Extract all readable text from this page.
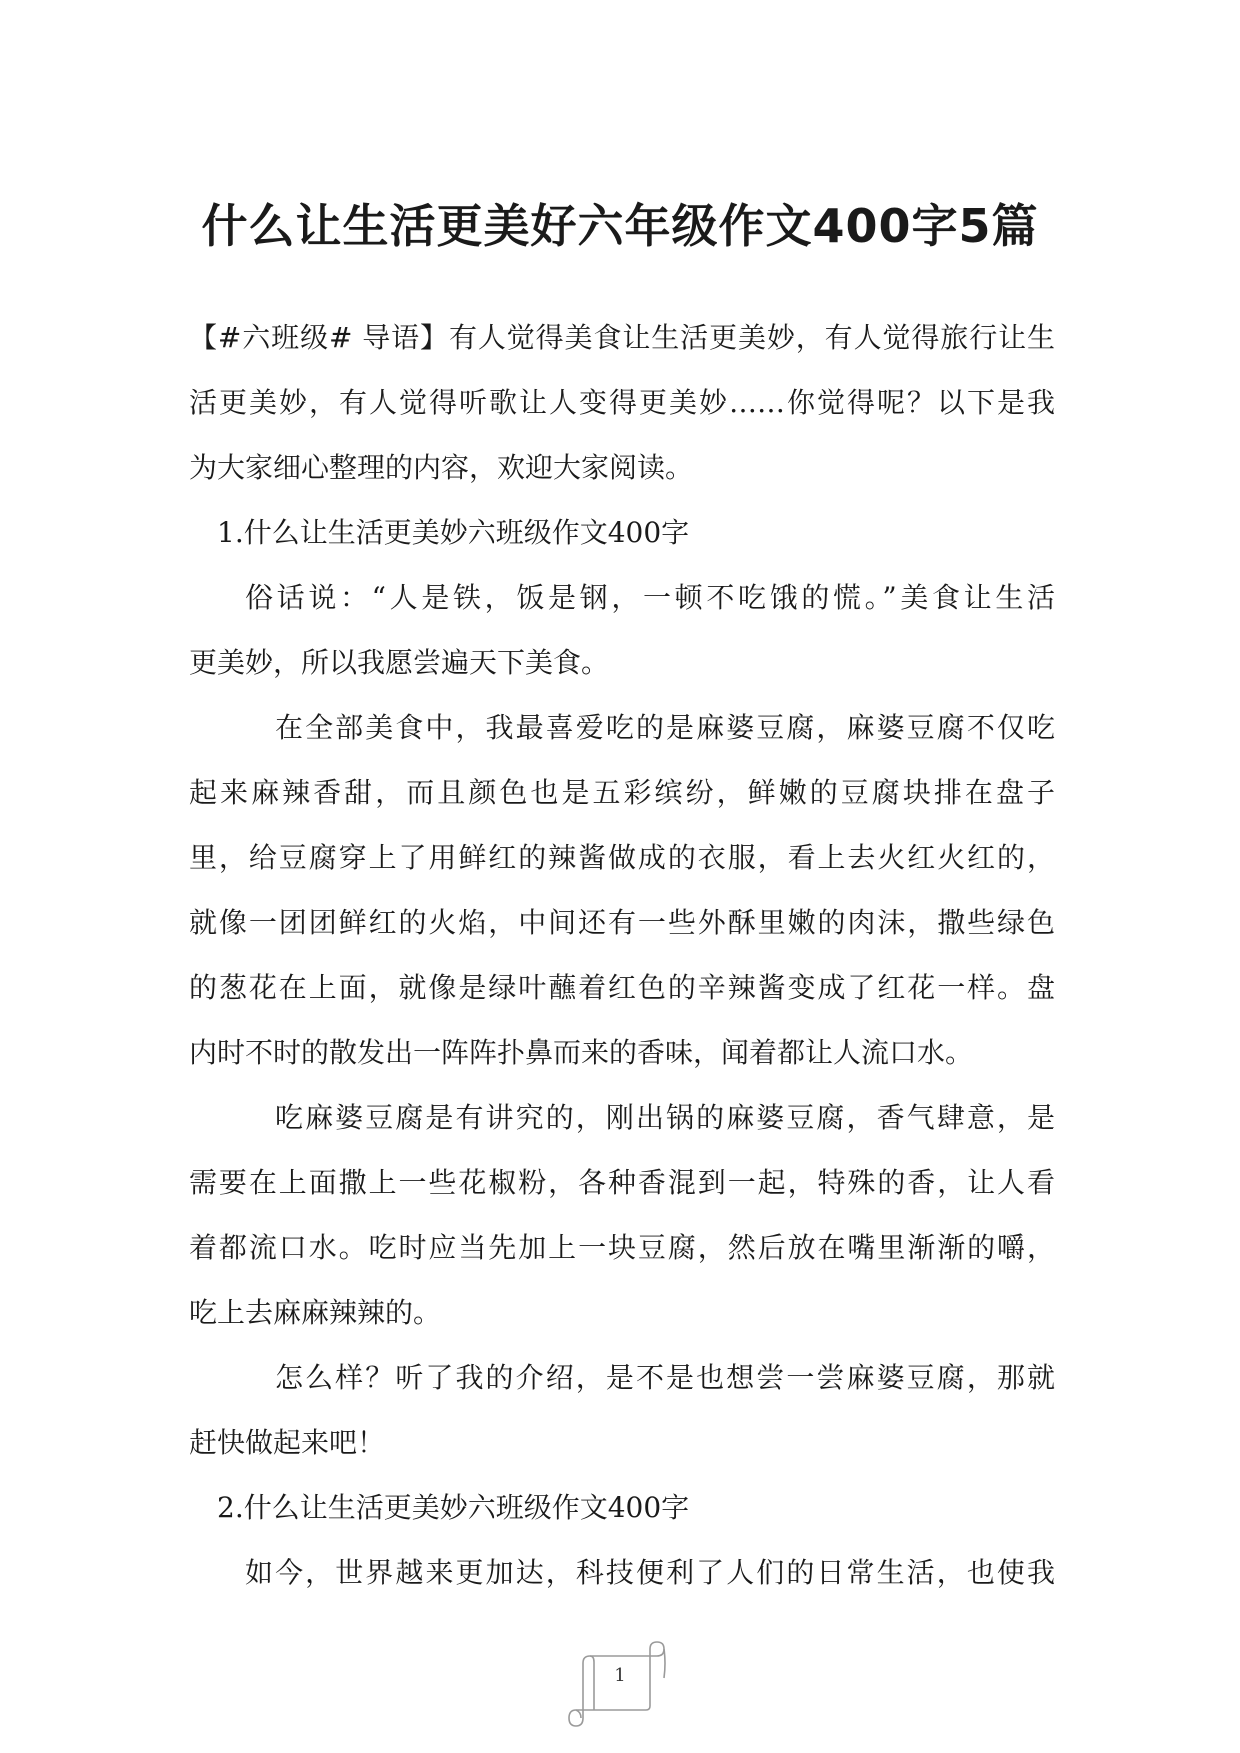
什么让生活更美好六年级作文400字5篇
【#六班级# 导语】有人觉得美食让生活更美妙，有人觉得旅行让生
活更美妙，有人觉得听歌让人变得更美妙……你觉得呢？以下是我
为大家细心整理的内容，欢迎大家阅读。
1.什么让生活更美妙六班级作文400字
俗话说：“人是铁，饭是钢，一顿不吃饿的慌。”美食让生活
更美妙，所以我愿尝遍天下美食。
在全部美食中，我最喜爱吃的是麻婆豆腐，麻婆豆腐不仅吃
起来麻辣香甜，而且颜色也是五彩缤纷，鲜嫩的豆腐块排在盘子
里，给豆腐穿上了用鲜红的辣酱做成的衣服，看上去火红火红的，
就像一团团鲜红的火焰，中间还有一些外酥里嫩的肉沫，撒些绿色
的葱花在上面，就像是绿叶蘸着红色的辛辣酱变成了红花一样。盘
内时不时的散发出一阵阵扑鼻而来的香味，闻着都让人流口水。
吃麻婆豆腐是有讲究的，刚出锅的麻婆豆腐，香气肆意，是
需要在上面撒上一些花椒粉，各种香混到一起，特殊的香，让人看
着都流口水。吃时应当先加上一块豆腐，然后放在嘴里渐渐的嚼，
吃上去麻麻辣辣的。
怎么样？听了我的介绍，是不是也想尝一尝麻婆豆腐，那就
赶快做起来吧！
2.什么让生活更美妙六班级作文400字
如今，世界越来更加达，科技便利了人们的日常生活，也使我
1
